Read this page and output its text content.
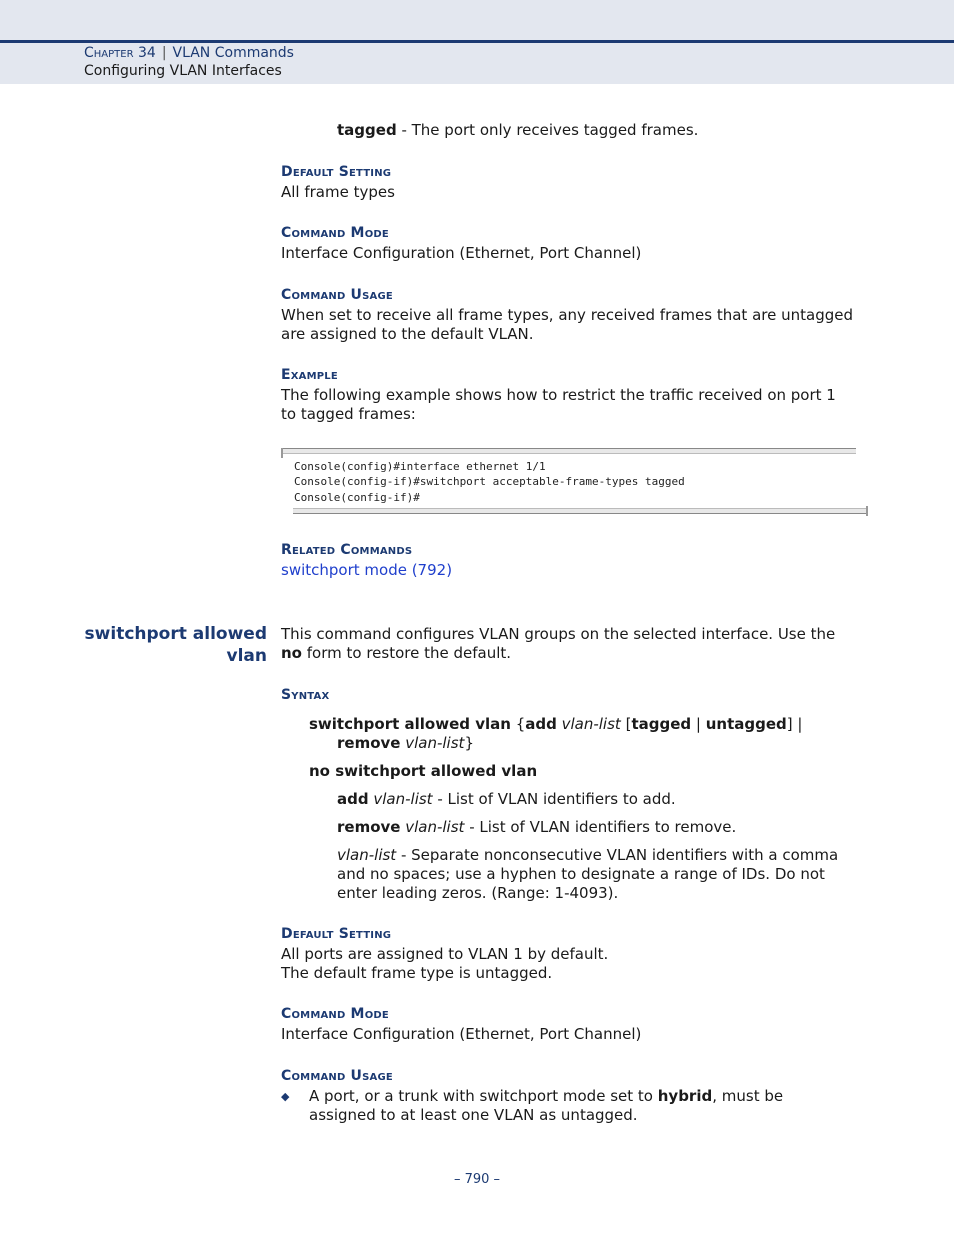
Chapter 34 | VLAN Commands
Configuring VLAN Interfaces
tagged - The port only receives tagged frames.
Default Setting
All frame types
Command Mode
Interface Configuration (Ethernet, Port Channel)
Command Usage
When set to receive all frame types, any received frames that are untagged
are assigned to the default VLAN.
Example
The following example shows how to restrict the traffic received on port 1
to tagged frames:
Console(config)#interface ethernet 1/1
Console(config-if)#switchport acceptable-frame-types tagged
Console(config-if)#
Related Commands
switchport mode (792)
switchport allowed
vlan
This command configures VLAN groups on the selected interface. Use the
no form to restore the default.
Syntax
switchport allowed vlan {add vlan-list [tagged | untagged] |
remove vlan-list}
no switchport allowed vlan
add vlan-list - List of VLAN identifiers to add.
remove vlan-list - List of VLAN identifiers to remove.
vlan-list - Separate nonconsecutive VLAN identifiers with a comma
and no spaces; use a hyphen to designate a range of IDs. Do not
enter leading zeros. (Range: 1-4093).
Default Setting
All ports are assigned to VLAN 1 by default.
The default frame type is untagged.
Command Mode
Interface Configuration (Ethernet, Port Channel)
Command Usage
◆ A port, or a trunk with switchport mode set to hybrid, must be
assigned to at least one VLAN as untagged.
– 790 –
